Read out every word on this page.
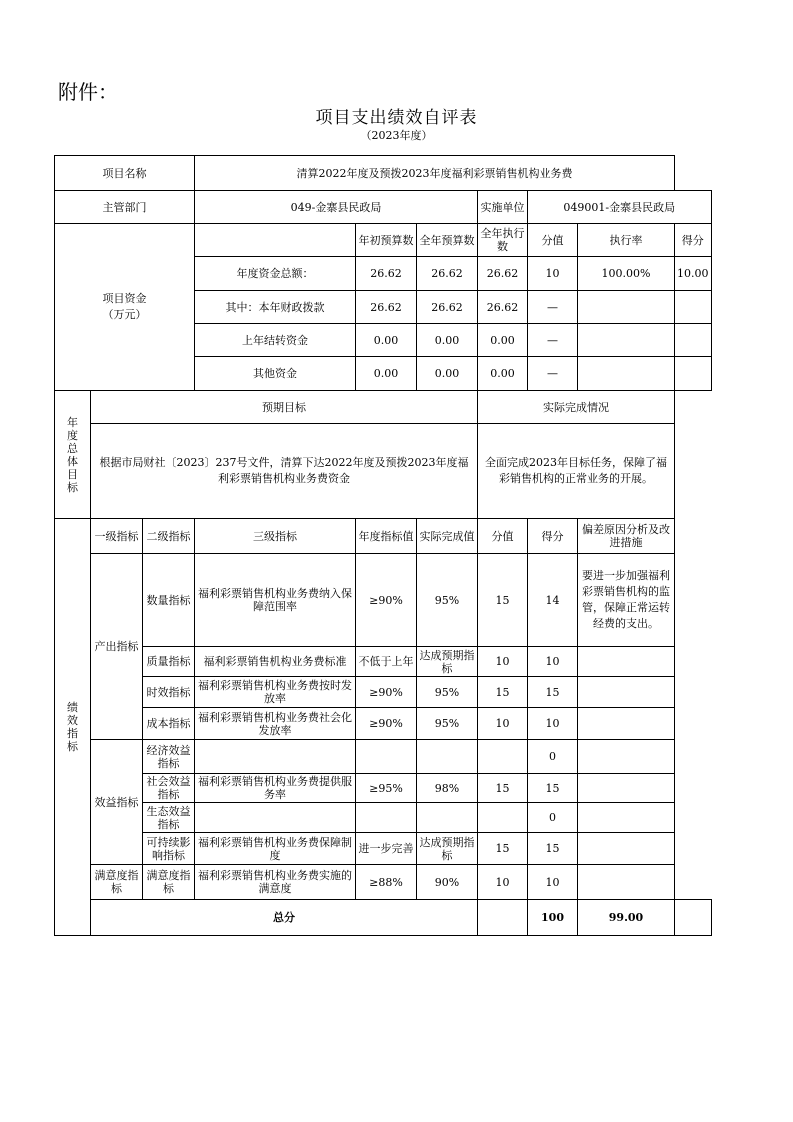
附件：
项目支出绩效自评表
（2023年度）
项目名称			清算2022年度及预拨2023年度福利彩票销售机构业务费						
主管部门			049-金寨县民政局			实施单位	049001-金寨县民政局		
项目资金
（万元）				年初预算数	全年预算数	全年执行数	分值	执行率	得分
			年度资金总额：	26.62	26.62	26.62	10	100.00%	10.00
			其中：本年财政拨款	26.62	26.62	26.62	—		
			上年结转资金	0.00	0.00	0.00	—		
			其他资金	0.00	0.00	0.00	—		
年度总体目标	预期目标					实际完成情况			
	根据市局财社〔2023〕237号文件，清算下达2022年度及预拨2023年度福利彩票销售机构业务费资金					全面完成2023年目标任务，保障了福彩销售机构的正常业务的开展。			
绩效指标	一级指标	二级指标	三级指标	年度指标值	实际完成值	分值	得分	偏差原因分析及改进措施	
	产出指标	数量指标	福利彩票销售机构业务费纳入保障范围率	≥90%	95%	15	14	要进一步加强福利彩票销售机构的监管，保障正常运转经费的支出。	
		质量指标	福利彩票销售机构业务费标准	不低于上年	达成预期指标	10	10		
		时效指标	福利彩票销售机构业务费按时发放率	≥90%	95%	15	15		
		成本指标	福利彩票销售机构业务费社会化发放率	≥90%	95%	10	10		
	效益指标	经济效益指标					0		
		社会效益指标	福利彩票销售机构业务费提供服务率	≥95%	98%	15	15		
		生态效益指标					0		
		可持续影响指标	福利彩票销售机构业务费保障制度	进一步完善	达成预期指标	15	15		
	满意度指标	满意度指标	福利彩票销售机构业务费实施的满意度	≥88%	90%	10	10		
	总分						100	99.00	
